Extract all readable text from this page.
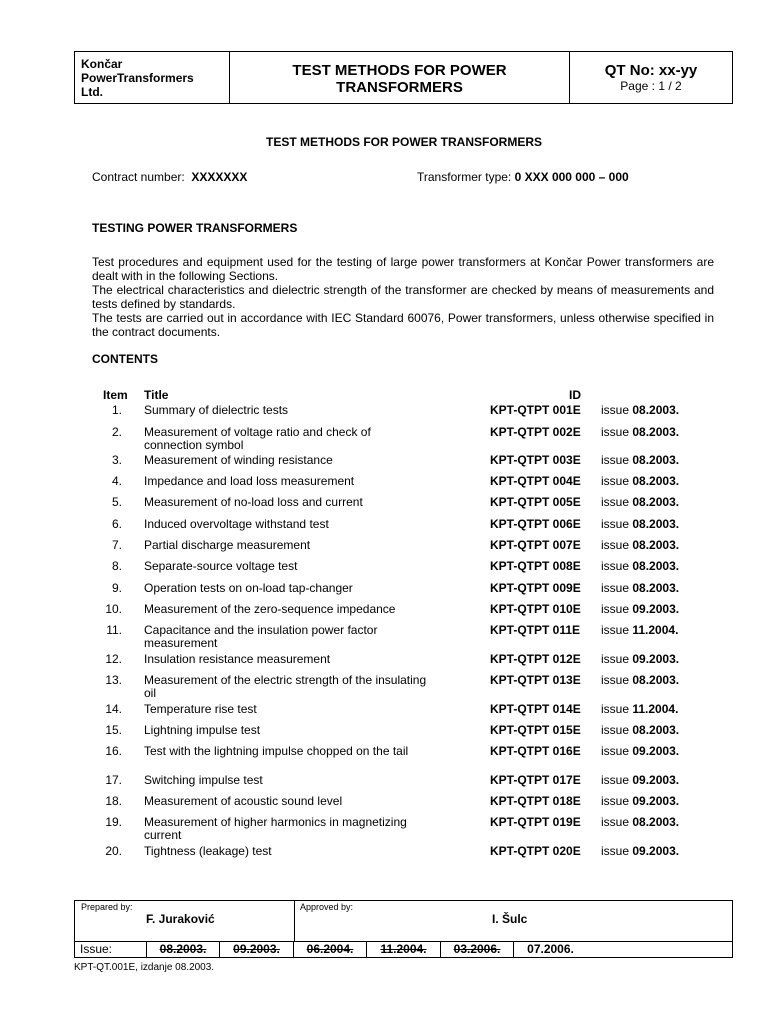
Končar
PowerTransformers
Ltd.
TEST METHODS FOR POWER
TRANSFORMERS
QT No: xx-yy
Page : 1 / 2
TEST METHODS FOR POWER TRANSFORMERS
Contract number: XXXXXXX	Transformer type: 0 XXX 000 000 – 000
TESTING POWER TRANSFORMERS

Test procedures and equipment used for the testing of large power transformers at Končar Power transformers are dealt with in the following Sections.

The electrical characteristics and dielectric strength of the transformer are checked by means of measurements and tests defined by standards.

The tests are carried out in accordance with IEC Standard 60076, Power transformers, unless otherwise specified in the contract documents.

CONTENTS
Item Title	ID
1. Summary of dielectric tests	KPT-QTPT 001E issue 08.2003.
2. Measurement of voltage ratio and check of connection symbol
KPT-QTPT 002E issue 08.2003.
3. Measurement of winding resistance	KPT-QTPT 003E issue 08.2003.
4. Impedance and load loss measurement	KPT-QTPT 004E issue 08.2003.
5. Measurement of no-load loss and current	KPT-QTPT 005E issue 08.2003.
6. Induced overvoltage withstand test	KPT-QTPT 006E issue 08.2003.
7. Partial discharge measurement	KPT-QTPT 007E issue 08.2003.
8. Separate-source voltage test	KPT-QTPT 008E issue 08.2003.
9. Operation tests on on-load tap-changer	KPT-QTPT 009E issue 08.2003.
10. Measurement of the zero-sequence impedance	KPT-QTPT 010E issue 09.2003.
11. Capacitance and the insulation power factor measurement
KPT-QTPT 011E issue 11.2004.
12. Insulation resistance measurement	KPT-QTPT 012E issue 09.2003.
13. Measurement of the electric strength of the insulating oil
KPT-QTPT 013E issue 08.2003.
14. Temperature rise test	KPT-QTPT 014E issue 11.2004.
15. Lightning impulse test	KPT-QTPT 015E issue 08.2003.
16. Test with the lightning impulse chopped on the tail	KPT-QTPT 016E issue 09.2003.
17. Switching impulse test	KPT-QTPT 017E issue 09.2003.
18. Measurement of acoustic sound level	KPT-QTPT 018E issue 09.2003.
19. Measurement of higher harmonics in magnetizing current
KPT-QTPT 019E issue 08.2003.
20. Tightness (leakage) test	KPT-QTPT 020E issue 09.2003.
Prepared by:
F. Juraković
Approved by:
I. Šulc
Issue:	08.2003.	09.2003.	06.2004.	11.2004.	03.2006.	07.2006.
KPT-QT.001E, izdanje 08.2003.
